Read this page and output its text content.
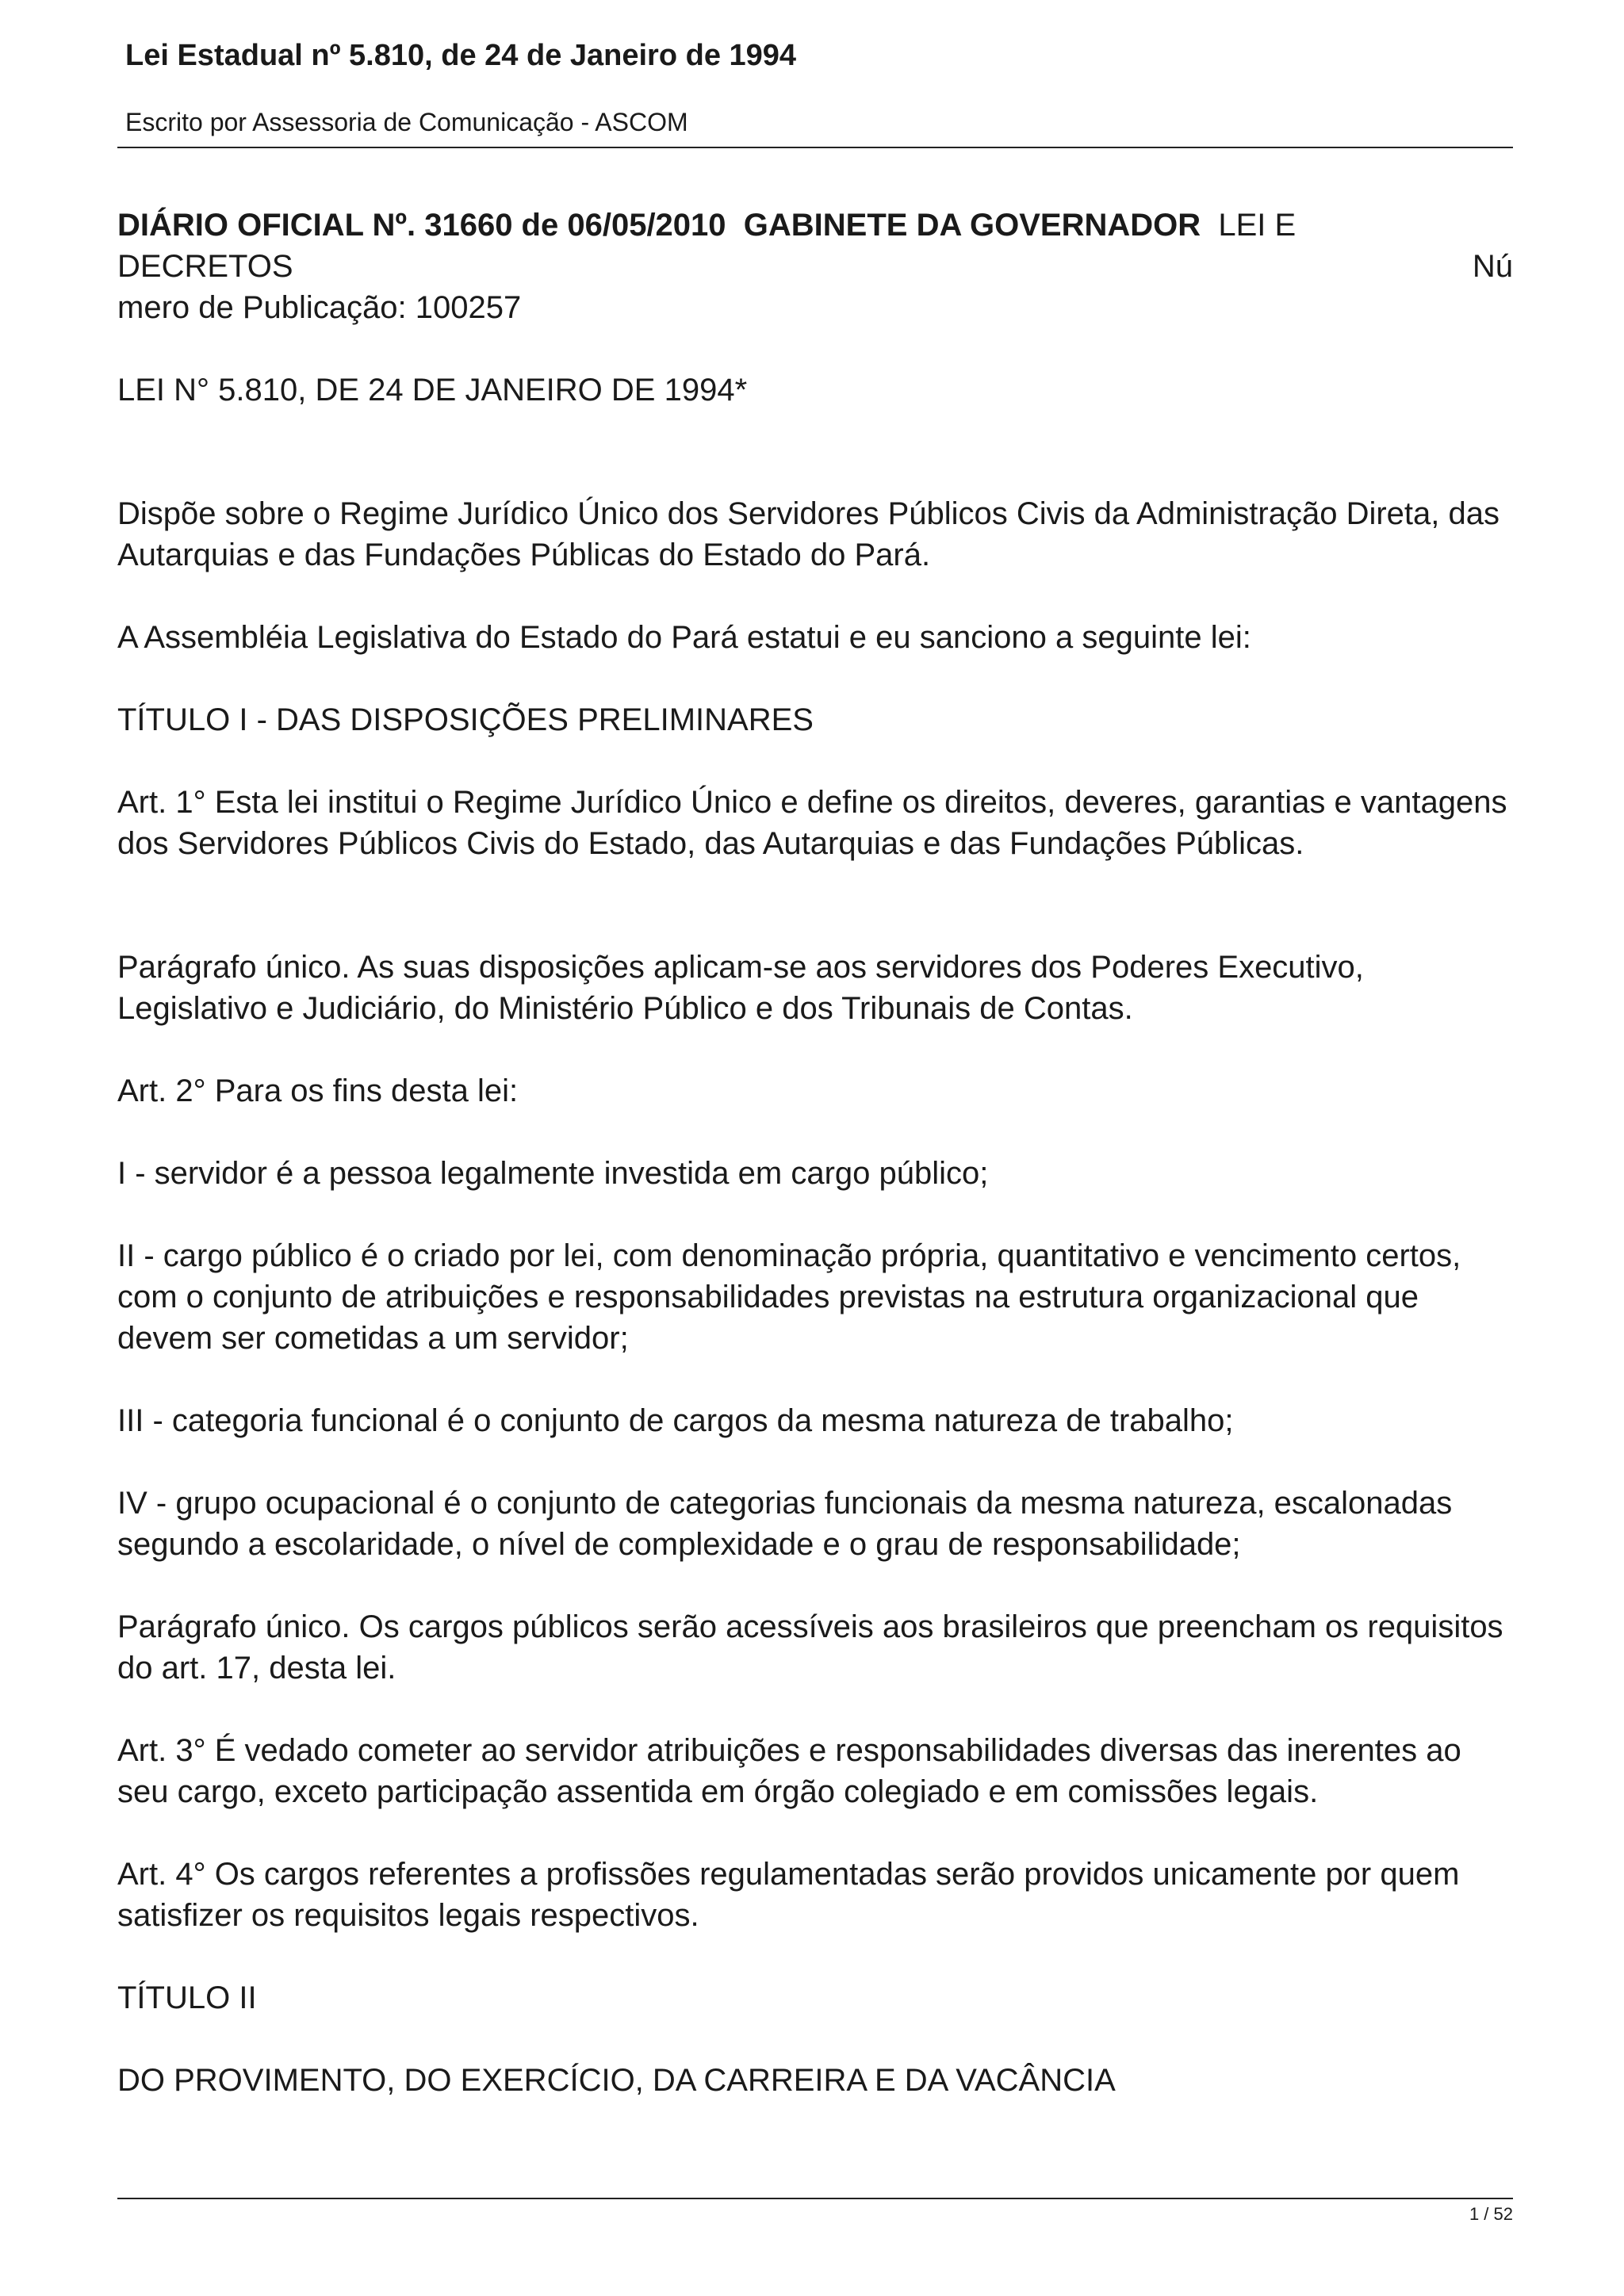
Lei Estadual nº 5.810, de 24 de Janeiro de 1994
Escrito por Assessoria de Comunicação - ASCOM
DIÁRIO OFICIAL Nº. 31660 de 06/05/2010 GABINETE DA GOVERNADOR LEI E
DECRETOS	Nú
mero de Publicação: 100257

LEI N° 5.810, DE 24 DE JANEIRO DE 1994*

Dispõe sobre o Regime Jurídico Único dos Servidores Públicos Civis da Administração Direta, das Autarquias e das Fundações Públicas do Estado do Pará.

A Assembléia Legislativa do Estado do Pará estatui e eu sanciono a seguinte lei:

TÍTULO I - DAS DISPOSIÇÕES PRELIMINARES

Art. 1° Esta lei institui o Regime Jurídico Único e define os direitos, deveres, garantias e vantagens dos Servidores Públicos Civis do Estado, das Autarquias e das Fundações Públicas.

Parágrafo único. As suas disposições aplicam-se aos servidores dos Poderes Executivo, Legislativo e Judiciário, do Ministério Público e dos Tribunais de Contas.

Art. 2° Para os fins desta lei:

I - servidor é a pessoa legalmente investida em cargo público;

II - cargo público é o criado por lei, com denominação própria, quantitativo e vencimento certos, com o conjunto de atribuições e responsabilidades previstas na estrutura organizacional que devem ser cometidas a um servidor;

III - categoria funcional é o conjunto de cargos da mesma natureza de trabalho;

IV - grupo ocupacional é o conjunto de categorias funcionais da mesma natureza, escalonadas segundo a escolaridade, o nível de complexidade e o grau de responsabilidade;

Parágrafo único. Os cargos públicos serão acessíveis aos brasileiros que preencham os requisitos do art. 17, desta lei.

Art. 3° É vedado cometer ao servidor atribuições e responsabilidades diversas das inerentes ao seu cargo, exceto participação assentida em órgão colegiado e em comissões legais.

Art. 4° Os cargos referentes a profissões regulamentadas serão providos unicamente por quem satisfizer os requisitos legais respectivos.

TÍTULO II

DO PROVIMENTO, DO EXERCÍCIO, DA CARREIRA E DA VACÂNCIA

1 / 52
